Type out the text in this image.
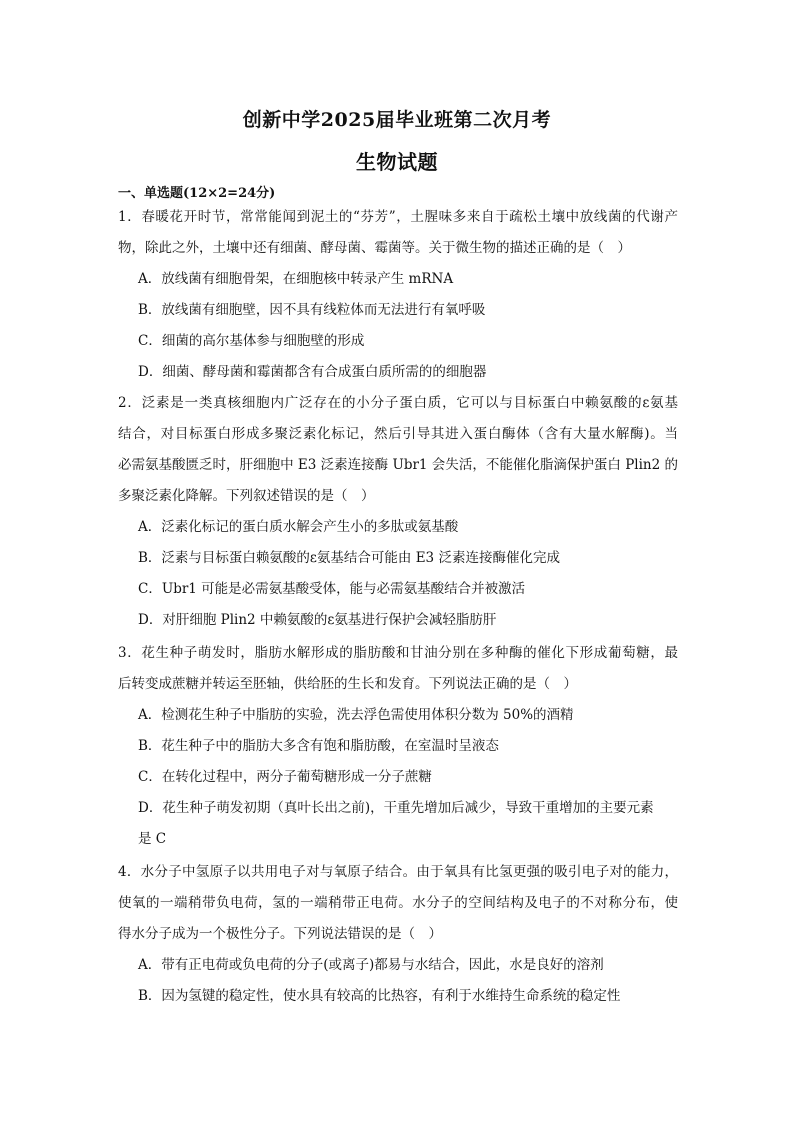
创新中学2025届毕业班第二次月考
生物试题
一、单选题(12×2=24分)
1．春暖花开时节，常常能闻到泥土的“芬芳”，土腥味多来自于疏松土壤中放线菌的代谢产
物，除此之外，土壤中还有细菌、酵母菌、霉菌等。关于微生物的描述正确的是（　）
A．放线菌有细胞骨架，在细胞核中转录产生 mRNA
B．放线菌有细胞壁，因不具有线粒体而无法进行有氧呼吸
C．细菌的高尔基体参与细胞壁的形成
D．细菌、酵母菌和霉菌都含有合成蛋白质所需的的细胞器
2．泛素是一类真核细胞内广泛存在的小分子蛋白质，它可以与目标蛋白中赖氨酸的ε氨基
结合，对目标蛋白形成多聚泛素化标记，然后引导其进入蛋白酶体（含有大量水解酶)。当
必需氨基酸匮乏时，肝细胞中 E3 泛素连接酶 Ubr1 会失活，不能催化脂滴保护蛋白 Plin2 的
多聚泛素化降解。下列叙述错误的是（　）
A．泛素化标记的蛋白质水解会产生小的多肽或氨基酸
B．泛素与目标蛋白赖氨酸的ε氨基结合可能由 E3 泛素连接酶催化完成
C．Ubr1 可能是必需氨基酸受体，能与必需氨基酸结合并被激活
D．对肝细胞 Plin2 中赖氨酸的ε氨基进行保护会减轻脂肪肝
3．花生种子萌发时，脂肪水解形成的脂肪酸和甘油分别在多种酶的催化下形成葡萄糖，最
后转变成蔗糖并转运至胚轴，供给胚的生长和发育。下列说法正确的是（　）
A．检测花生种子中脂肪的实验，洗去浮色需使用体积分数为 50%的酒精
B．花生种子中的脂肪大多含有饱和脂肪酸，在室温时呈液态
C．在转化过程中，两分子葡萄糖形成一分子蔗糖
D．花生种子萌发初期（真叶长出之前)，干重先增加后减少，导致干重增加的主要元素
是 C
4．水分子中氢原子以共用电子对与氧原子结合。由于氧具有比氢更强的吸引电子对的能力，
使氧的一端稍带负电荷，氢的一端稍带正电荷。水分子的空间结构及电子的不对称分布，使
得水分子成为一个极性分子。下列说法错误的是（　）
A．带有正电荷或负电荷的分子(或离子)都易与水结合，因此，水是良好的溶剂
B．因为氢键的稳定性，使水具有较高的比热容，有利于水维持生命系统的稳定性
